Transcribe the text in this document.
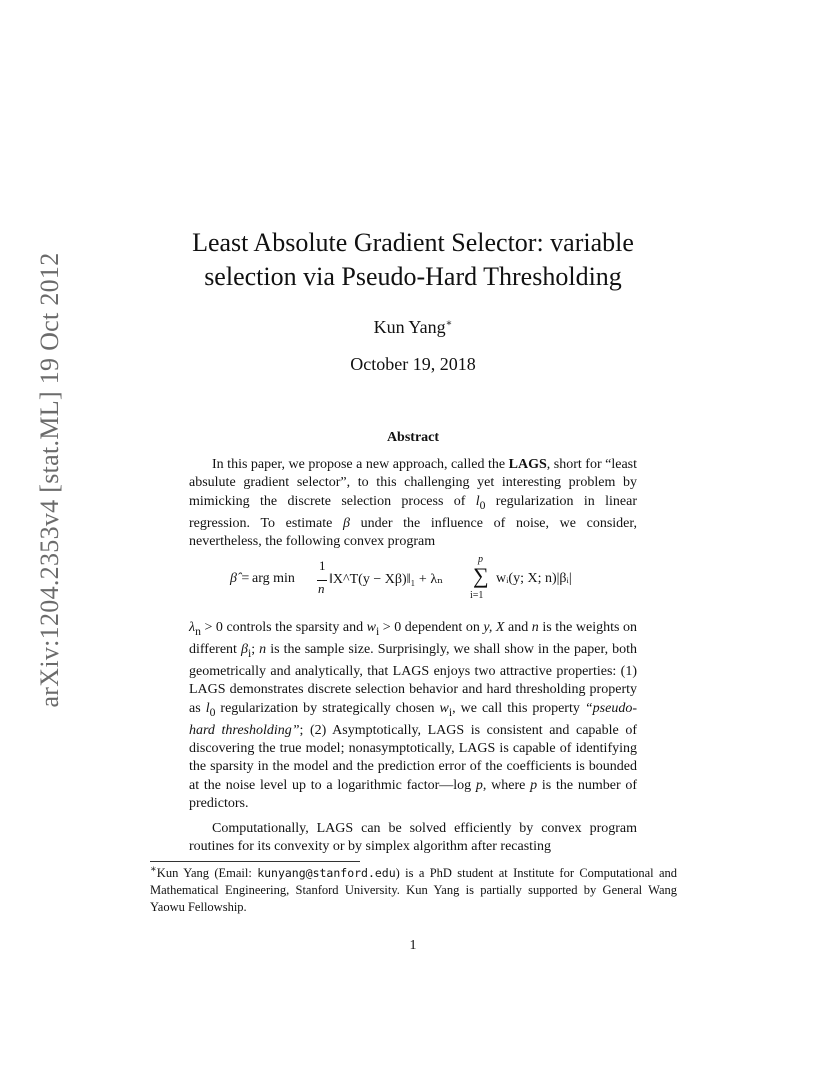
arXiv:1204.2353v4 [stat.ML] 19 Oct 2012
Least Absolute Gradient Selector: variable
selection via Pseudo-Hard Thresholding
Kun Yang∗
October 19, 2018
Abstract
In this paper, we propose a new approach, called the LAGS, short for “least absulute gradient selector”, to this challenging yet interesting problem by mimicking the discrete selection process of $l_0$ regularization in linear regression. To estimate β under the influence of noise, we consider, nevertheless, the following convex program
β̂ = arg min
1
n
‖X^T(y − Xβ)‖₁ + λₙ
p
∑
i=1
wᵢ(y; X; n)|βᵢ|
$\lambda_n > 0$ controls the sparsity and $w_i > 0$ dependent on y, X and n is the weights on different $\beta_i$; n is the sample size. Surprisingly, we shall show in the paper, both geometrically and analytically, that LAGS enjoys two attractive properties: (1) LAGS demonstrates discrete selection behavior and hard thresholding property as $l_0$ regularization by strategically chosen $w_i$, we call this property “pseudo-hard thresholding”; (2) Asymptotically, LAGS is consistent and capable of discovering the true model; nonasymptotically, LAGS is capable of identifying the sparsity in the model and the prediction error of the coefficients is bounded at the noise level up to a logarithmic factor—log p, where p is the number of predictors.
Computationally, LAGS can be solved efficiently by convex program routines for its convexity or by simplex algorithm after recasting
∗Kun Yang (Email: kunyang@stanford.edu) is a PhD student at Institute for Computational and Mathematical Engineering, Stanford University. Kun Yang is partially supported by General Wang Yaowu Fellowship.
1
